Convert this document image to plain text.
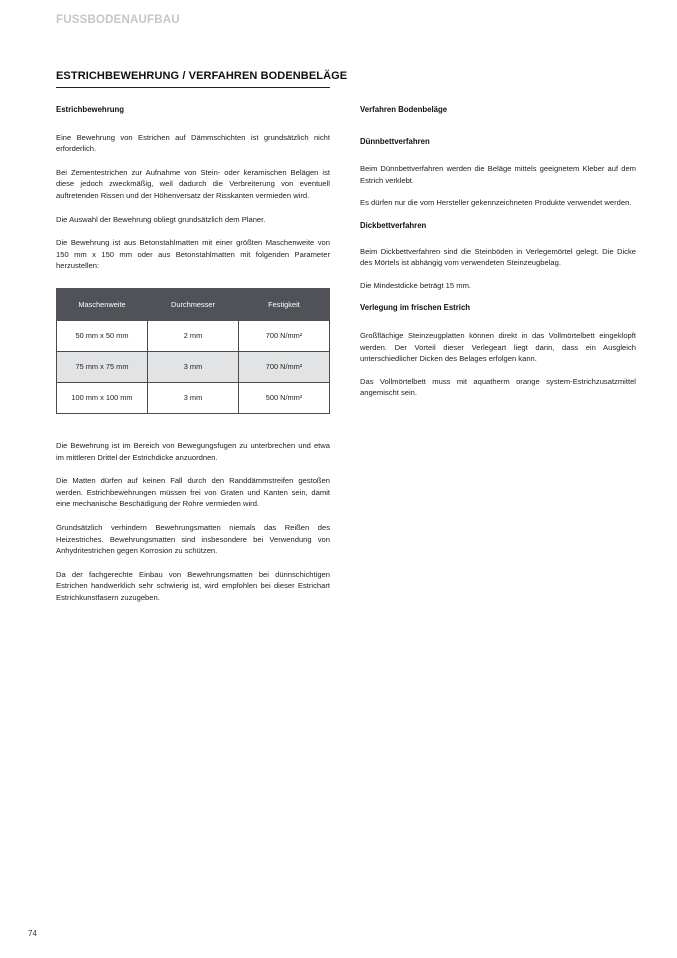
FUSSBODENAUFBAU
ESTRICHBEWEHRUNG / VERFAHREN BODENBELÄGE
Estrichbewehrung

Eine Bewehrung von Estrichen auf Dämmschichten ist grundsätzlich nicht erforderlich.

Bei Zementestrichen zur Aufnahme von Stein- oder keramischen Belägen ist diese jedoch zweckmäßig, weil dadurch die Verbreiterung von eventuell auftretenden Rissen und der Höhenversatz der Risskanten vermieden wird.

Die Auswahl der Bewehrung obliegt grundsätzlich dem Planer.

Die Bewehrung ist aus Betonstahlmatten mit einer größten Maschenweite von 150 mm x 150 mm oder aus Betonstahlmatten mit folgenden Parameter herzustellen:

Maschenweite	Durchmesser	Festigkeit
50 mm x 50 mm	2 mm	700 N/mm²
75 mm x 75 mm	3 mm	700 N/mm²
100 mm x 100 mm	3 mm	500 N/mm²

Die Bewehrung ist im Bereich von Bewegungsfugen zu unterbrechen und etwa im mittleren Drittel der Estrichdicke anzuordnen.

Die Matten dürfen auf keinen Fall durch den Randdämmstreifen gestoßen werden. Estrichbewehrungen müssen frei von Graten und Kanten sein, damit eine mechanische Beschädigung der Rohre vermieden wird.

Grundsätzlich verhindern Bewehrungsmatten niemals das Reißen des Heizestriches. Bewehrungsmatten sind insbesondere bei Verwendung von Anhydritestrichen gegen Korrosion zu schützen.

Da der fachgerechte Einbau von Bewehrungsmatten bei dünnschichtigen Estrichen handwerklich sehr schwierig ist, wird empfohlen bei dieser Estrichart Estrichkunstfasern zuzugeben.

Verfahren Bodenbeläge
Dünnbettverfahren

Beim Dünnbettverfahren werden die Beläge mittels geeignetem Kleber auf dem Estrich verklebt.

Es dürfen nur die vom Hersteller gekennzeichneten Produkte verwendet werden.

Dickbettverfahren

Beim Dickbettverfahren sind die Steinböden in Verlegemörtel gelegt. Die Dicke des Mörtels ist abhängig vom verwendeten Steinzeugbelag.

Die Mindestdicke beträgt 15 mm.

Verlegung im frischen Estrich

Großflächige Steinzeugplatten können direkt in das Vollmörtelbett eingeklopft werden. Der Vorteil dieser Verlegeart liegt darin, dass ein Ausgleich unterschiedlicher Dicken des Belages erfolgen kann.

Das Vollmörtelbett muss mit aquatherm orange system-Estrichzusatzmittel angemischt sein.

74
